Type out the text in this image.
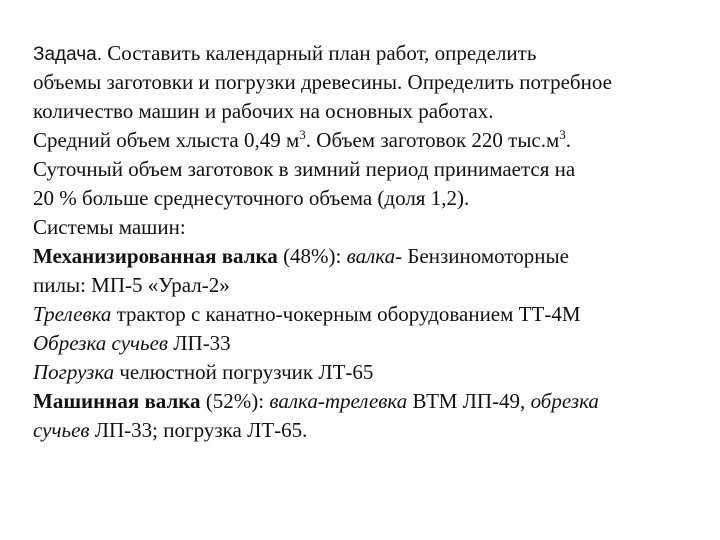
Задача. Составить календарный план работ, определить
объемы заготовки и погрузки древесины. Определить потребное
количество машин и рабочих на основных работах.
Средний объем хлыста 0,49 $м^3$. Объем заготовок 220 $тыс.м^3$.
Суточный объем заготовок в зимний период принимается на
20 % больше среднесуточного объема (доля 1,2).
Системы машин:
Механизированная валка (48%): валка- Бензиномоторные
пилы: МП-5 «Урал-2»
Трелевка трактор с канатно-чокерным оборудованием ТТ-4М
Обрезка сучьев ЛП-33
Погрузка челюстной погрузчик ЛТ-65
Машинная валка (52%): валка-трелевка ВТМ ЛП-49, обрезка
сучьев ЛП-33; погрузка ЛТ-65.
